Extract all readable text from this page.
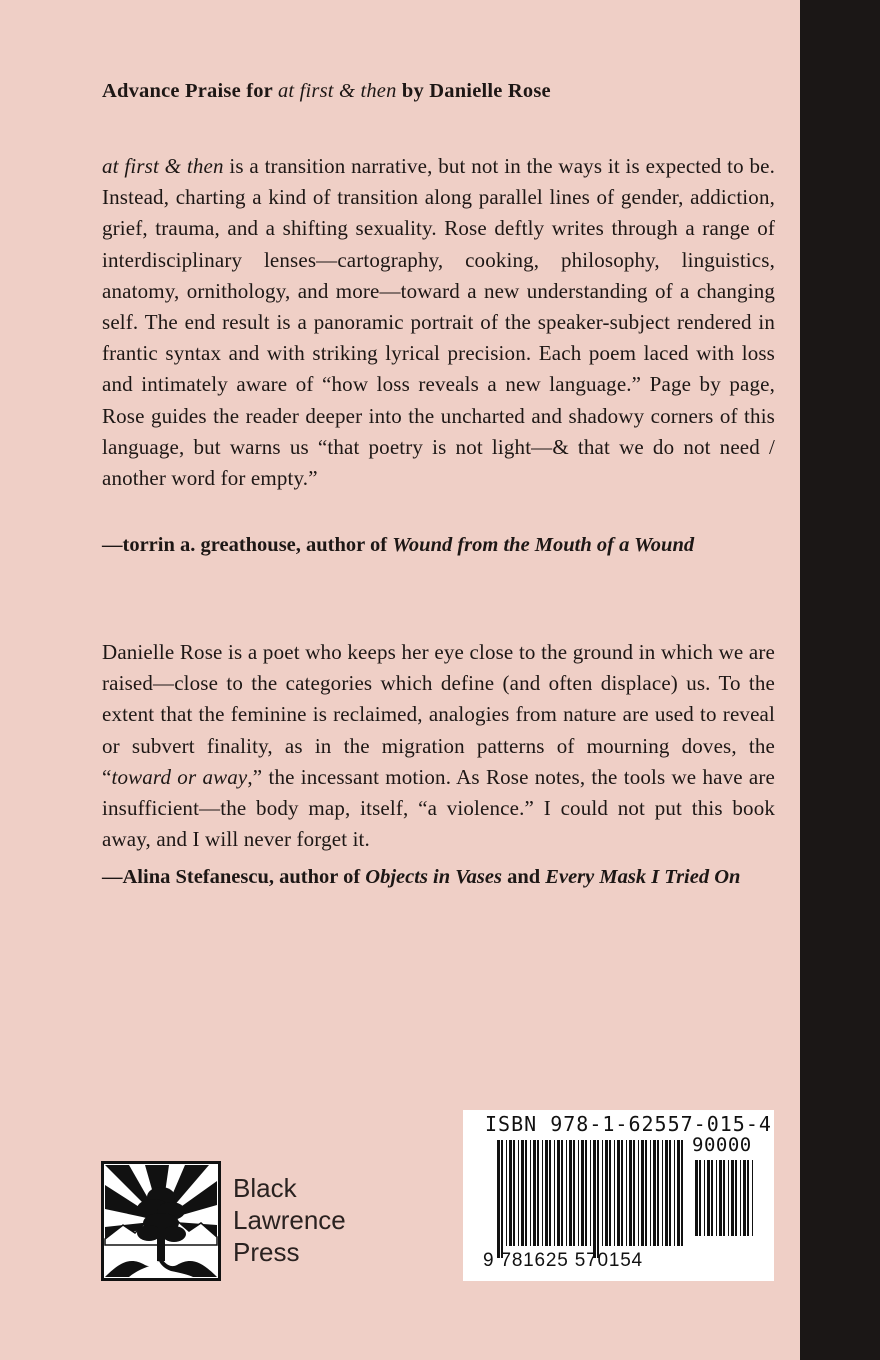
Advance Praise for at first & then by Danielle Rose

at first & then is a transition narrative, but not in the ways it is expected to be. Instead, charting a kind of transition along parallel lines of gender, addiction, grief, trauma, and a shifting sexuality. Rose deftly writes through a range of interdisciplinary lenses—cartography, cooking, philosophy, linguistics, anatomy, ornithology, and more—toward a new understanding of a changing self. The end result is a panoramic portrait of the speaker-subject rendered in frantic syntax and with striking lyrical precision. Each poem laced with loss and intimately aware of “how loss reveals a new language.” Page by page, Rose guides the reader deeper into the uncharted and shadowy corners of this language, but warns us “that poetry is not light—& that we do not need / another word for empty.”

—torrin a. greathouse, author of Wound from the Mouth of a Wound

Danielle Rose is a poet who keeps her eye close to the ground in which we are raised—close to the categories which define (and often displace) us. To the extent that the feminine is reclaimed, analogies from nature are used to reveal or subvert finality, as in the migration patterns of mourning doves, the “toward or away,” the incessant motion. As Rose notes, the tools we have are insufficient—the body map, itself, “a violence.” I could not put this book away, and I will never forget it.

—Alina Stefanescu, author of Objects in Vases and Every Mask I Tried On

Black
Lawrence
Press
ISBN 978-1-62557-015-4
90000
9 781625 570154
